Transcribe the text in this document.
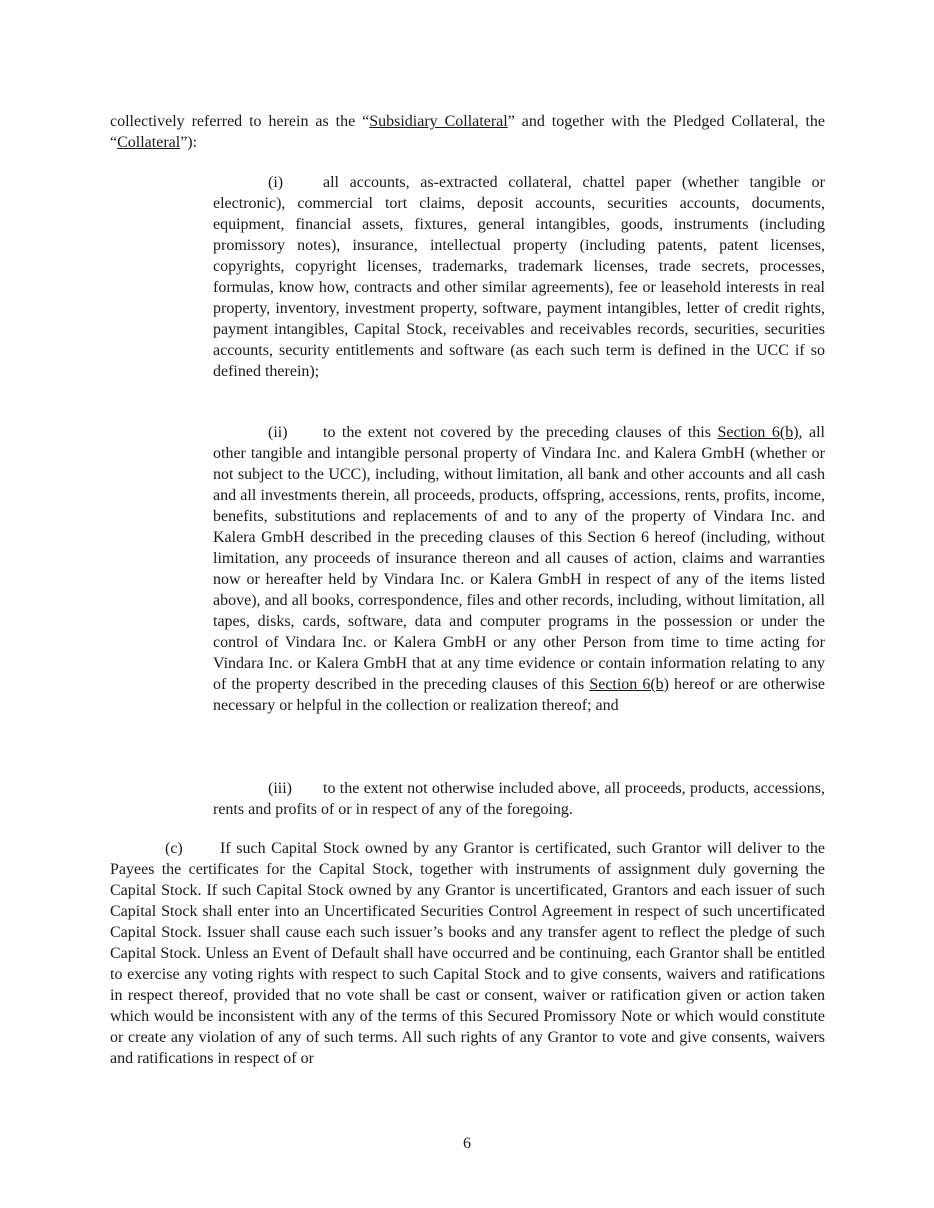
collectively referred to herein as the “Subsidiary Collateral” and together with the Pledged Collateral, the “Collateral”):

(i) all accounts, as-extracted collateral, chattel paper (whether tangible or electronic), commercial tort claims, deposit accounts, securities accounts, documents, equipment, financial assets, fixtures, general intangibles, goods, instruments (including promissory notes), insurance, intellectual property (including patents, patent licenses, copyrights, copyright licenses, trademarks, trademark licenses, trade secrets, processes, formulas, know how, contracts and other similar agreements), fee or leasehold interests in real property, inventory, investment property, software, payment intangibles, letter of credit rights, payment intangibles, Capital Stock, receivables and receivables records, securities, securities accounts, security entitlements and software (as each such term is defined in the UCC if so defined therein);

(ii) to the extent not covered by the preceding clauses of this Section 6(b), all other tangible and intangible personal property of Vindara Inc. and Kalera GmbH (whether or not subject to the UCC), including, without limitation, all bank and other accounts and all cash and all investments therein, all proceeds, products, offspring, accessions, rents, profits, income, benefits, substitutions and replacements of and to any of the property of Vindara Inc. and Kalera GmbH described in the preceding clauses of this Section 6 hereof (including, without limitation, any proceeds of insurance thereon and all causes of action, claims and warranties now or hereafter held by Vindara Inc. or Kalera GmbH in respect of any of the items listed above), and all books, correspondence, files and other records, including, without limitation, all tapes, disks, cards, software, data and computer programs in the possession or under the control of Vindara Inc. or Kalera GmbH or any other Person from time to time acting for Vindara Inc. or Kalera GmbH that at any time evidence or contain information relating to any of the property described in the preceding clauses of this Section 6(b) hereof or are otherwise necessary or helpful in the collection or realization thereof; and

(iii) to the extent not otherwise included above, all proceeds, products, accessions, rents and profits of or in respect of any of the foregoing.

(c) If such Capital Stock owned by any Grantor is certificated, such Grantor will deliver to the Payees the certificates for the Capital Stock, together with instruments of assignment duly governing the Capital Stock. If such Capital Stock owned by any Grantor is uncertificated, Grantors and each issuer of such Capital Stock shall enter into an Uncertificated Securities Control Agreement in respect of such uncertificated Capital Stock. Issuer shall cause each such issuer’s books and any transfer agent to reflect the pledge of such Capital Stock. Unless an Event of Default shall have occurred and be continuing, each Grantor shall be entitled to exercise any voting rights with respect to such Capital Stock and to give consents, waivers and ratifications in respect thereof, provided that no vote shall be cast or consent, waiver or ratification given or action taken which would be inconsistent with any of the terms of this Secured Promissory Note or which would constitute or create any violation of any of such terms. All such rights of any Grantor to vote and give consents, waivers and ratifications in respect of or

6
